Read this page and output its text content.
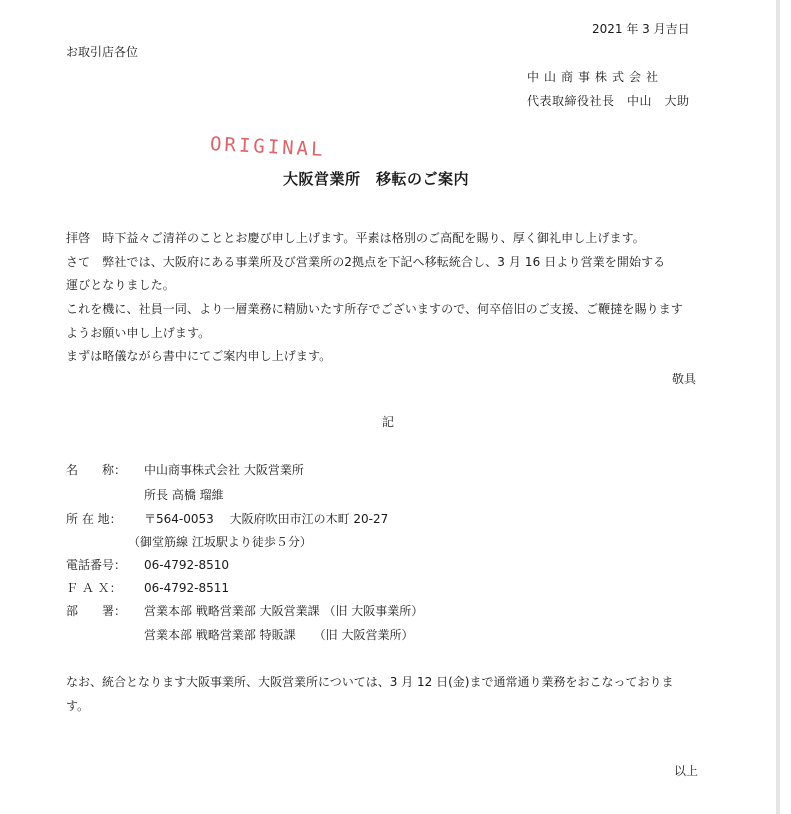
2021 年 3 月吉日
お取引店各位
中山商事株式会社
代表取締役社長　中山　大助
ORIGINAL
大阪営業所　移転のご案内
拝啓　時下益々ご清祥のこととお慶び申し上げます。平素は格別のご高配を賜り、厚く御礼申し上げます。
さて　弊社では、大阪府にある事業所及び営業所の2拠点を下記へ移転統合し、3 月 16 日より営業を開始する
運びとなりました。
これを機に、社員一同、より一層業務に精励いたす所存でございますので、何卒倍旧のご支援、ご鞭撻を賜ります
ようお願い申し上げます。
まずは略儀ながら書中にてご案内申し上げます。
敬具
記
名　　称： 中山商事株式会社 大阪営業所
所長 高橋 瑠維
所 在 地： 〒564-0053　 大阪府吹田市江の木町 20-27
（御堂筋線 江坂駅より徒歩５分）
電話番号： 06-4792-8510
Ｆ Ａ Ｘ： 06-4792-8511
部　　署： 営業本部 戦略営業部 大阪営業課 （旧 大阪事業所）
営業本部 戦略営業部 特販課　　（旧 大阪営業所）
なお、統合となります大阪事業所、大阪営業所については、3 月 12 日(金)まで通常通り業務をおこなっておりま
す。
以上
